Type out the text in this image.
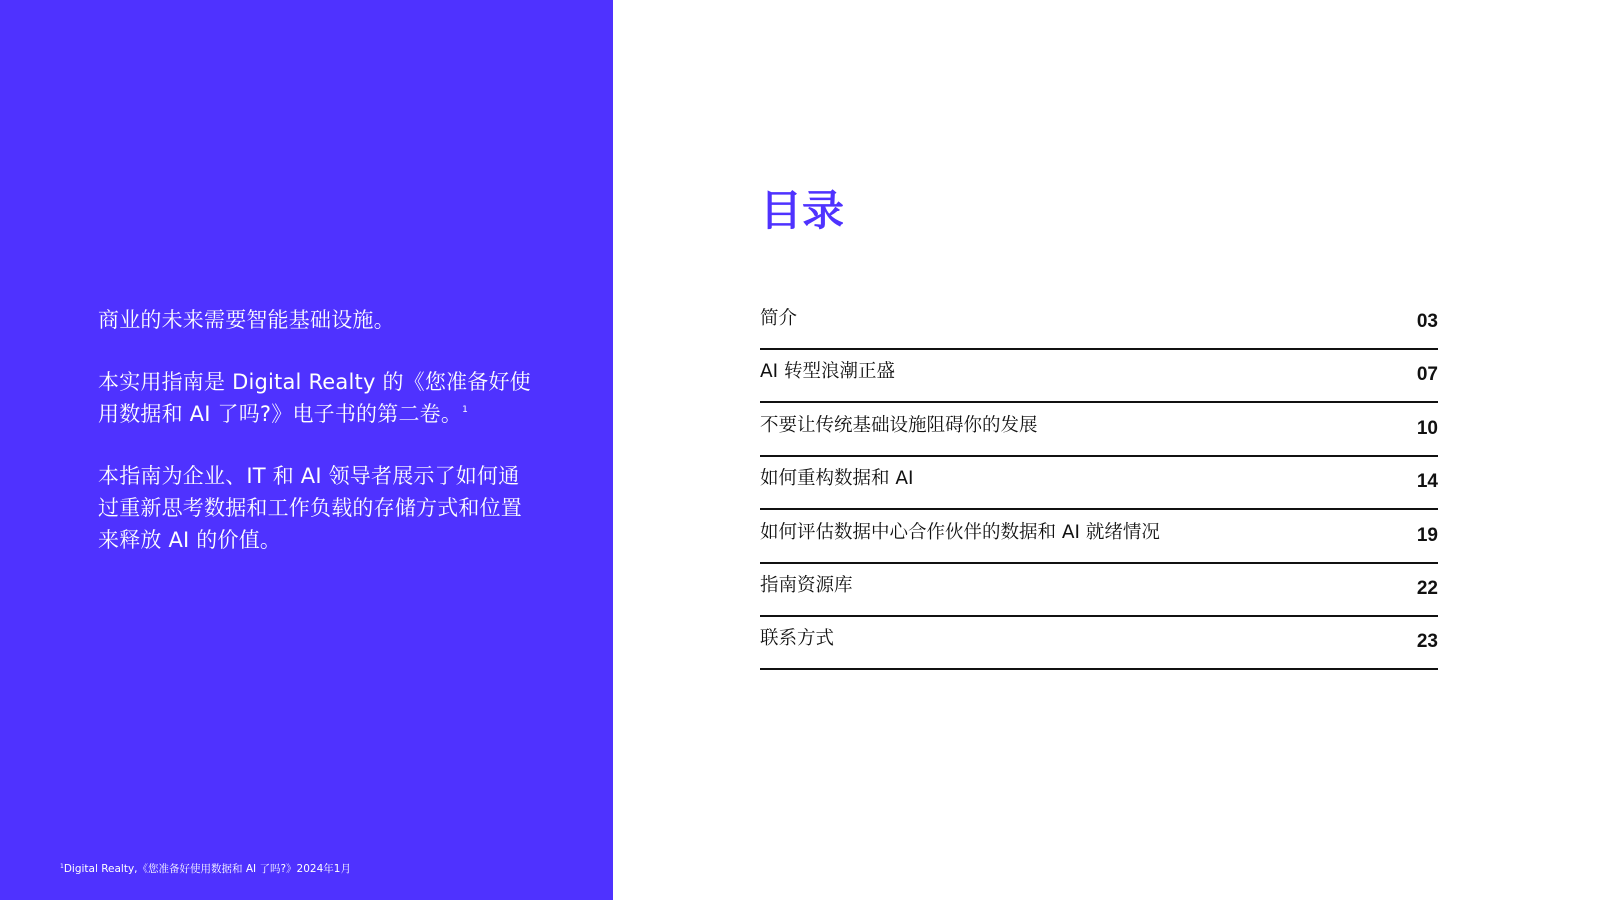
商业的未来需要智能基础设施。

本实用指南是 Digital Realty 的《您准备好使用数据和 AI 了吗?》电子书的第二卷。$^1$

本指南为企业、IT 和 AI 领导者展示了如何通过重新思考数据和工作负载的存储方式和位置来释放 AI 的价值。

$^1$Digital Realty,《您准备好使用数据和 AI 了吗?》2024年1月
目录
简介	03
AI 转型浪潮正盛	07
不要让传统基础设施阻碍你的发展	10
如何重构数据和 AI	14
如何评估数据中心合作伙伴的数据和 AI 就绪情况	19
指南资源库	22
联系方式	23
